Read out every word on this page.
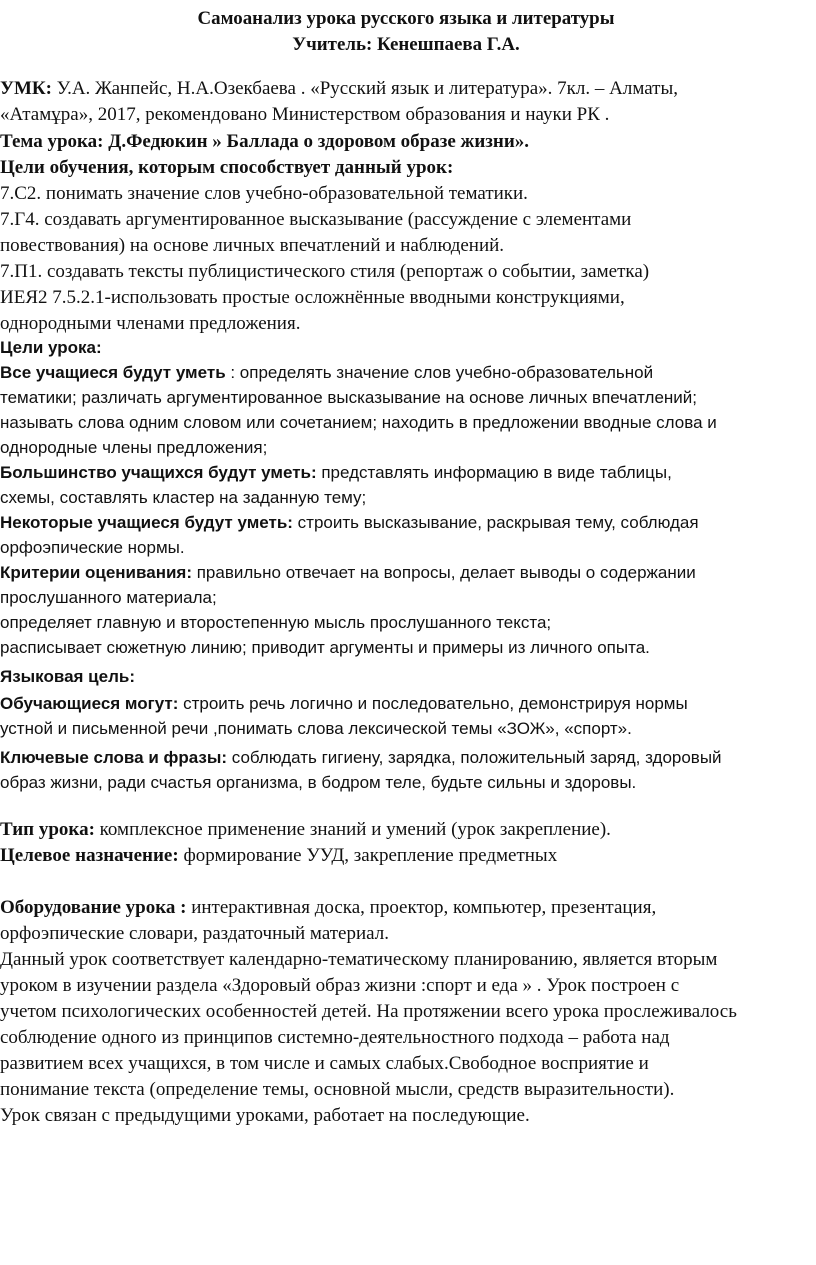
Самоанализ урока русского языка и литературы
Учитель: Кенешпаева Г.А.
УМК: У.А. Жанпейс, Н.А.Озекбаева . «Русский язык и литература». 7кл. – Алматы,
«Атамұра», 2017, рекомендовано Министерством образования и науки РК .
Тема урока: Д.Федюкин » Баллада о здоровом образе жизни».
Цели обучения, которым способствует данный урок:
7.С2. понимать значение слов учебно-образовательной тематики.
7.Г4. создавать аргументированное высказывание (рассуждение с элементами
повествования) на основе личных впечатлений и наблюдений.
7.П1. создавать тексты публицистического стиля (репортаж о событии, заметка)
ИЕЯ2 7.5.2.1-использовать простые осложнённые вводными конструкциями,
однородными членами предложения.
Цели урока:
Все учащиеся будут уметь : определять значение слов учебно-образовательной
тематики; различать аргументированное высказывание на основе личных впечатлений;
называть слова одним словом или сочетанием; находить в предложении вводные слова и
однородные члены предложения;
Большинство учащихся будут уметь: представлять информацию в виде таблицы,
схемы, составлять кластер на заданную тему;
Некоторые учащиеся будут уметь: строить высказывание, раскрывая тему, соблюдая
орфоэпические нормы.
Критерии оценивания: правильно отвечает на вопросы, делает выводы о содержании
прослушанного материала;
определяет главную и второстепенную мысль прослушанного текста;
расписывает сюжетную линию; приводит аргументы и примеры из личного опыта.
Языковая цель:
Обучающиеся могут: строить речь логично и последовательно, демонстрируя нормы
устной и письменной речи ,понимать слова лексической темы «ЗОЖ», «спорт».
Ключевые слова и фразы: соблюдать гигиену, зарядка, положительный заряд, здоровый
образ жизни, ради счастья организма, в бодром теле, будьте сильны и здоровы.
Тип урока: комплексное применение знаний и умений (урок закрепление).
Целевое назначение: формирование УУД, закрепление предметных
Оборудование урока : интерактивная доска, проектор, компьютер, презентация,
орфоэпические словари, раздаточный материал.
Данный урок соответствует календарно-тематическому планированию, является вторым
уроком в изучении раздела «Здоровый образ жизни :спорт и еда » . Урок построен с
учетом психологических особенностей детей. На протяжении всего урока прослеживалось
соблюдение одного из принципов системно-деятельностного подхода – работа над
развитием всех учащихся, в том числе и самых слабых.Свободное восприятие и
понимание текста (определение темы, основной мысли, средств выразительности).
Урок связан с предыдущими уроками, работает на последующие.
